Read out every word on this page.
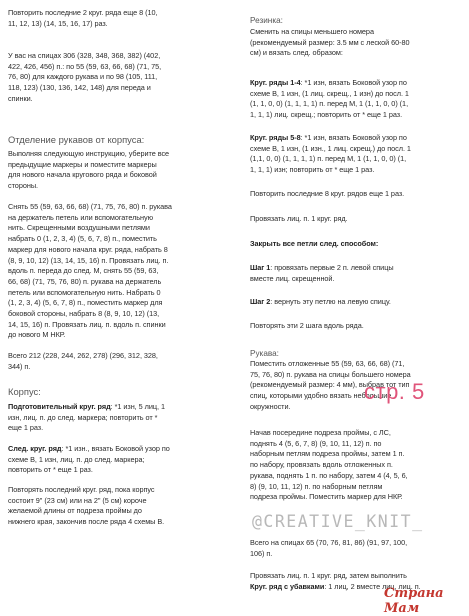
Повторить последние 2 круг. ряда еще 8 (10,
11, 12, 13) (14, 15, 16, 17) раз.
У вас на спицах 306 (328, 348, 368, 382) (402,
422, 426, 456) п.: по 55 (59, 63, 66, 68) (71, 75,
76, 80) для каждого рукава и по 98 (105, 111,
118, 123) (130, 136, 142, 148) для переда и
спинки.
Отделение рукавов от корпуса:
Выполняя следующую инструкцию, уберите все
предыдущие маркеры и поместите маркеры
для нового начала кругового ряда и боковой
стороны.
Снять 55 (59, 63, 66, 68) (71, 75, 76, 80) п. рукава
на держатель петель или вспомогательную
нить. Скрещенными воздушными петлями
набрать 0 (1, 2, 3, 4) (5, 6, 7, 8) п., поместить
маркер для нового начала круг. ряда, набрать 8
(8, 9, 10, 12) (13, 14, 15, 16) п. Провязать лиц. п.
вдоль п. переда до след. М, снять 55 (59, 63,
66, 68) (71, 75, 76, 80) п. рукава на держатель
петель или вспомогательную нить. Набрать 0
(1, 2, 3, 4) (5, 6, 7, 8) п., поместить маркер для
боковой стороны, набрать 8 (8, 9, 10, 12) (13,
14, 15, 16) п. Провязать лиц. п. вдоль п. спинки
до нового М НКР.
Всего 212 (228, 244, 262, 278) (296, 312, 328,
344) п.
Корпус:
Подготовительный круг. ряд: *1 изн, 5 лиц, 1
изн, лиц. п. до след. маркера; повторить от *
еще 1 раз.
След. круг. ряд: *1 изн., вязать Боковой узор по
схеме В, 1 изн, лиц. п. до след. маркера;
повторить от * еще 1 раз.
Повторять последний круг. ряд, пока корпус
состоит 9" (23 см) или на 2" (5 см) короче
желаемой длины от подреза проймы до
нижнего края, закончив после ряда 4 схемы В.
Резинка:
Сменить на спицы меньшего номера
(рекомендуемый размер: 3.5 мм с леской 60-80
см) и вязать след. образом:
Круг. ряды 1-4: *1 изн, вязать Боковой узор по
схеме В, 1 изн, (1 лиц. скрещ., 1 изн) до посл. 1
(1, 1, 0, 0) (1, 1, 1, 1) п. перед М, 1 (1, 1, 0, 0) (1,
1, 1, 1) лиц. скрещ.; повторить от * еще 1 раз.
Круг. ряды 5-8: *1 изн, вязать Боковой узор по
схеме В, 1 изн, (1 изн., 1 лиц. скрещ.) до посл. 1
(1,1, 0, 0) (1, 1, 1, 1) п. перед М, 1 (1, 1, 0, 0) (1,
1, 1, 1) изн; повторить от * еще 1 раз.
Повторить последние 8 круг. рядов еще 1 раз.
Провязать лиц. п. 1 круг. ряд.
Закрыть все петли след. способом:
Шаг 1: провязать первые 2 п. левой спицы
вместе лиц. скрещенной.
Шаг 2: вернуть эту петлю на левую спицу.
Повторять эти 2 шага вдоль ряда.
Рукава:
Поместить отложенные 55 (59, 63, 66, 68) (71,
75, 76, 80) п. рукава на спицы большего номера
(рекомендуемый размер: 4 мм), выбрав тот тип
спиц, которыми удобно вязать небольшие
окружности.
Начав посередине подреза проймы, с ЛС,
поднять 4 (5, 6, 7, 8) (9, 10, 11, 12) п. по
наборным петлям подреза проймы, затем 1 п.
по набору, провязать вдоль отложенных п.
рукава, поднять 1 п. по набору, затем 4 (4, 5, 6,
8) (9, 10, 11, 12) п. по наборным петлям
подреза проймы. Поместить маркер для НКР.
Всего на спицах 65 (70, 76, 81, 86) (91, 97, 100,
106) п.
Провязать лиц. п. 1 круг. ряд, затем выполнить
Круг. ряд с убавками: 1 лиц, 2 вместе лиц, лиц. п.
стр. 5
@CREATIVE_KNIT_
Страна Мам
